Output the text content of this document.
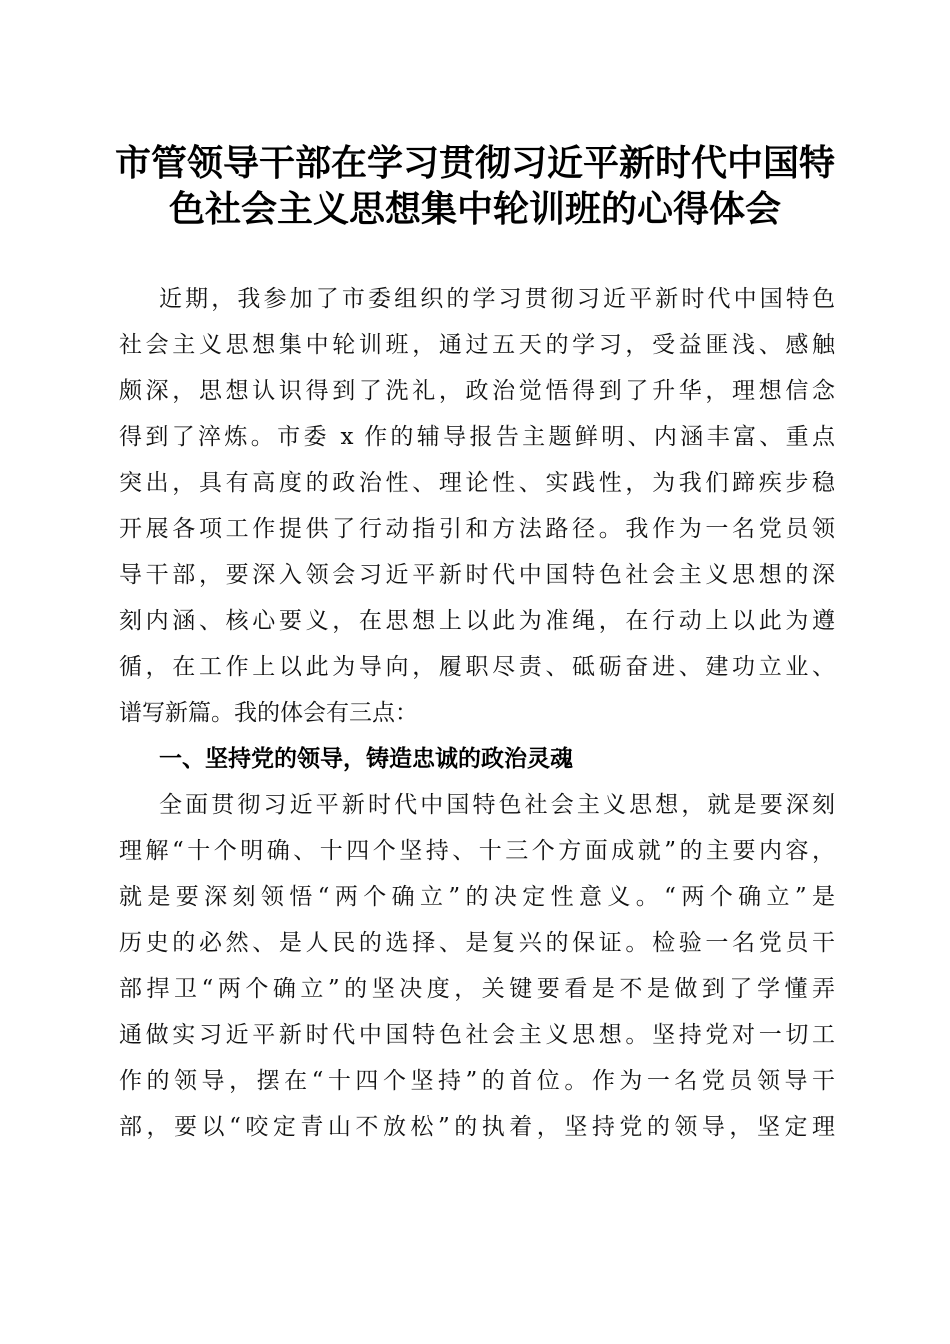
市管领导干部在学习贯彻习近平新时代中国特
色社会主义思想集中轮训班的心得体会
近期，我参加了市委组织的学习贯彻习近平新时代中国特色
社会主义思想集中轮训班，通过五天的学习，受益匪浅、感触
颇深，思想认识得到了洗礼，政治觉悟得到了升华，理想信念
得到了淬炼。市委 x 作的辅导报告主题鲜明、内涵丰富、重点
突出，具有高度的政治性、理论性、实践性，为我们蹄疾步稳
开展各项工作提供了行动指引和方法路径。我作为一名党员领
导干部，要深入领会习近平新时代中国特色社会主义思想的深
刻内涵、核心要义，在思想上以此为准绳，在行动上以此为遵
循，在工作上以此为导向，履职尽责、砥砺奋进、建功立业、
谱写新篇。我的体会有三点：
一、坚持党的领导，铸造忠诚的政治灵魂
全面贯彻习近平新时代中国特色社会主义思想，就是要深刻
理解“十个明确、十四个坚持、十三个方面成就”的主要内容，
就是要深刻领悟“两个确立”的决定性意义。“两个确立”是
历史的必然、是人民的选择、是复兴的保证。检验一名党员干
部捍卫“两个确立”的坚决度，关键要看是不是做到了学懂弄
通做实习近平新时代中国特色社会主义思想。坚持党对一切工
作的领导，摆在“十四个坚持”的首位。作为一名党员领导干
部，要以“咬定青山不放松”的执着，坚持党的领导，坚定理
